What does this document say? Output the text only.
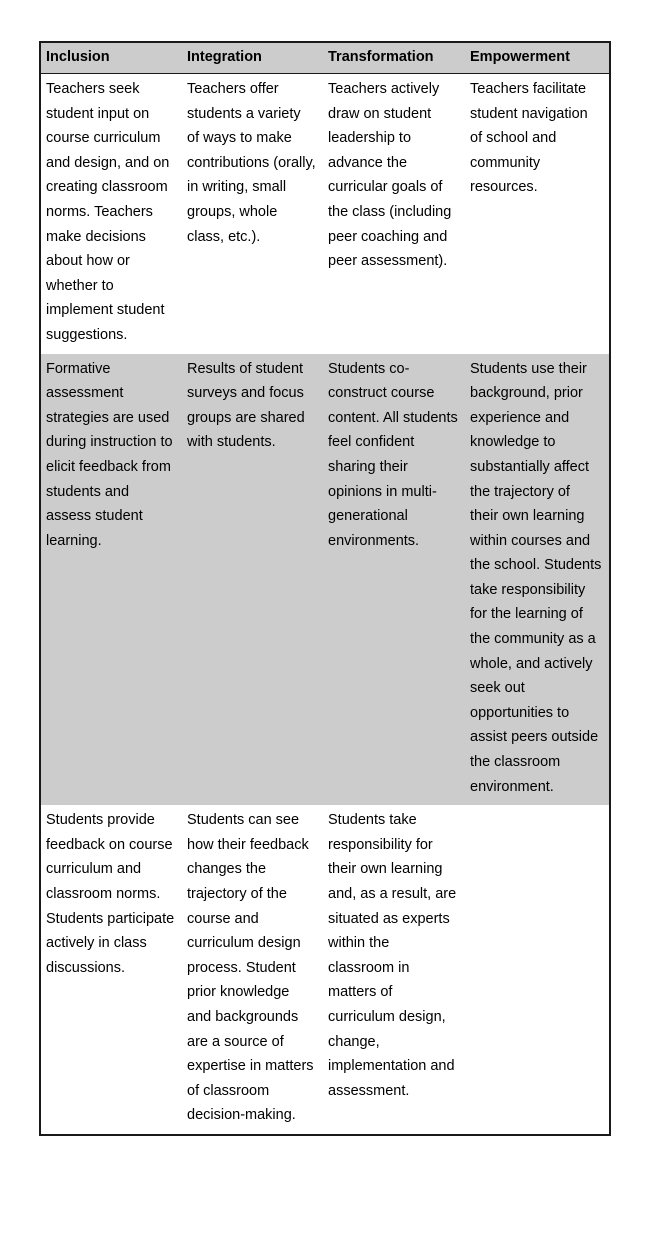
Inclusion	Integration	Transformation	Empowerment

Teachers seek student input on course curriculum and design, and on creating classroom norms. Teachers make decisions about how or whether to implement student suggestions.	Teachers offer students a variety of ways to make contributions (orally, in writing, small groups, whole class, etc.).	Teachers actively draw on student leadership to advance the curricular goals of the class (including peer coaching and peer assessment).	Teachers facilitate student navigation of school and community resources.

Formative assessment strategies are used during instruction to elicit feedback from students and assess student learning.	Results of student surveys and focus groups are shared with students.	Students co-construct course content. All students feel confident sharing their opinions in multi-generational environments.	Students use their background, prior experience and knowledge to substantially affect the trajectory of their own learning within courses and the school. Students take responsibility for the learning of the community as a whole, and actively seek out opportunities to assist peers outside the classroom environment.

Students provide feedback on course curriculum and classroom norms. Students participate actively in class discussions.	Students can see how their feedback changes the trajectory of the course and curriculum design process. Student prior knowledge and backgrounds are a source of expertise in matters of classroom decision-making.	Students take responsibility for their own learning and, as a result, are situated as experts within the classroom in matters of curriculum design, change, implementation and assessment.	
